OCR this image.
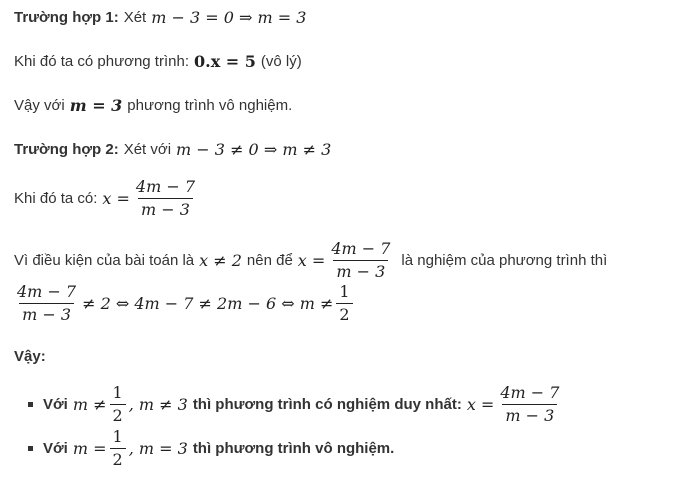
Trường hợp 1: Xét m − 3 = 0 ⇒ m = 3
Khi đó ta có phương trình: 0.x = 5 (vô lý)
Vậy với m = 3 phương trình vô nghiệm.
Trường hợp 2: Xét với m − 3 ≠ 0 ⇒ m ≠ 3
Khi đó ta có: $x = \frac{4m - 7}{m - 3}$
Vì điều kiện của bài toán là x ≠ 2 nên để $x = \frac{4m - 7}{m - 3}$ là nghiệm của phương trình thì
$\frac{4m - 7}{m - 3} \ne 2$ ⇔ 4m − 7 ≠ 2m − 6 ⇔ $m \ne \frac{1}{2}$
Vậy:
Với $m \ne \frac{1}{2}$ , m ≠ 3 thì phương trình có nghiệm duy nhất: $x = \frac{4m - 7}{m - 3}$
Với $m = \frac{1}{2}$ , m = 3 thì phương trình vô nghiệm.
